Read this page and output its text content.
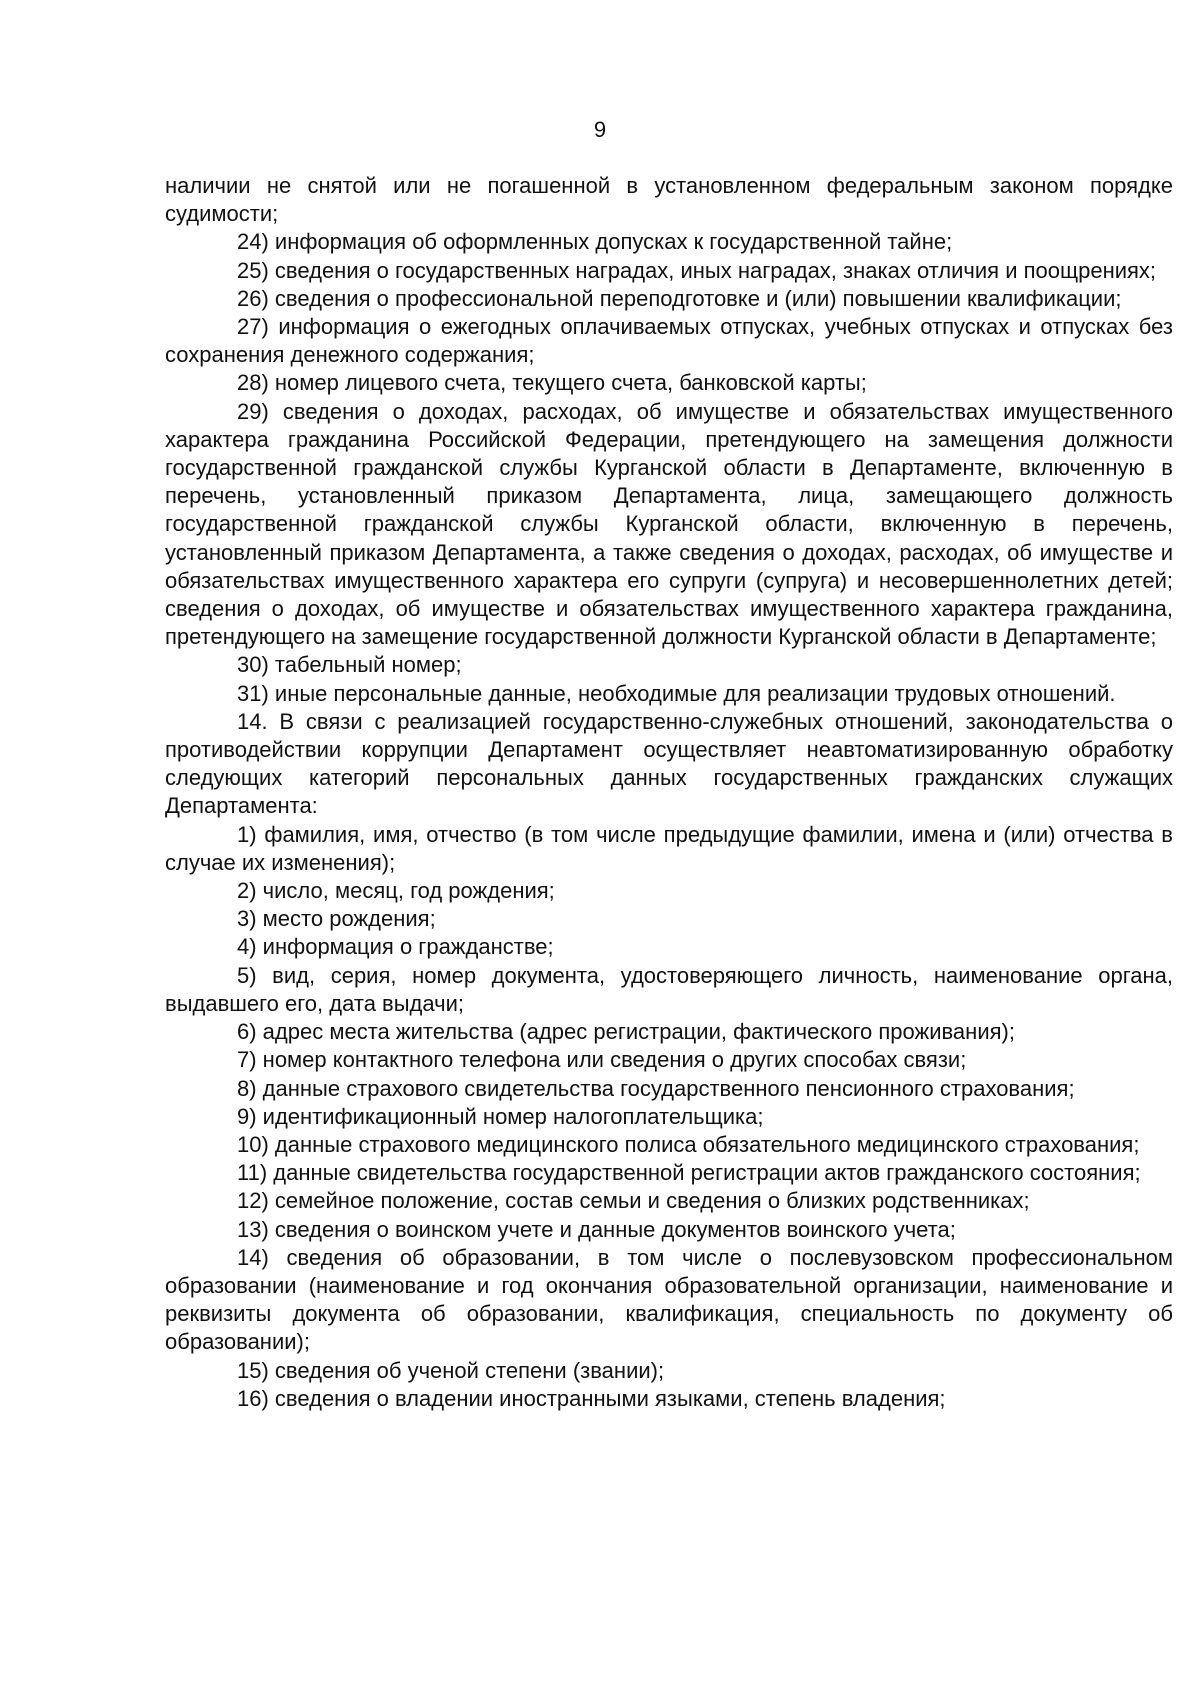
9

наличии не снятой или не погашенной в установленном федеральным законом порядке судимости;

24) информация об оформленных допусках к государственной тайне;

25) сведения о государственных наградах, иных наградах, знаках отличия и поощрениях;

26) сведения о профессиональной переподготовке и (или) повышении квалификации;

27) информация о ежегодных оплачиваемых отпусках, учебных отпусках и отпусках без сохранения денежного содержания;

28) номер лицевого счета, текущего счета, банковской карты;

29) сведения о доходах, расходах, об имуществе и обязательствах имущественного характера гражданина Российской Федерации, претендующего на замещения должности государственной гражданской службы Курганской области в Департаменте, включенную в перечень, установленный приказом Департамента, лица, замещающего должность государственной гражданской службы Курганской области, включенную в перечень, установленный приказом Департамента, а также сведения о доходах, расходах, об имуществе и обязательствах имущественного характера его супруги (супруга) и несовершеннолетних детей; сведения о доходах, об имуществе и обязательствах имущественного характера гражданина, претендующего на замещение государственной должности Курганской области в Департаменте;

30) табельный номер;

31) иные персональные данные, необходимые для реализации трудовых отношений.

14. В связи с реализацией государственно-служебных отношений, законодательства о противодействии коррупции Департамент осуществляет неавтоматизированную обработку следующих категорий персональных данных государственных гражданских служащих Департамента:

1) фамилия, имя, отчество (в том числе предыдущие фамилии, имена и (или) отчества в случае их изменения);

2) число, месяц, год рождения;

3) место рождения;

4) информация о гражданстве;

5) вид, серия, номер документа, удостоверяющего личность, наименование органа, выдавшего его, дата выдачи;

6) адрес места жительства (адрес регистрации, фактического проживания);

7) номер контактного телефона или сведения о других способах связи;

8) данные страхового свидетельства государственного пенсионного страхования;

9) идентификационный номер налогоплательщика;

10) данные страхового медицинского полиса обязательного медицинского страхования;

11) данные свидетельства государственной регистрации актов гражданского состояния;

12) семейное положение, состав семьи и сведения о близких родственниках;

13) сведения о воинском учете и данные документов воинского учета;

14) сведения об образовании, в том числе о послевузовском профессиональном образовании (наименование и год окончания образовательной организации, наименование и реквизиты документа об образовании, квалификация, специальность по документу об образовании);

15) сведения об ученой степени (звании);

16) сведения о владении иностранными языками, степень владения;
